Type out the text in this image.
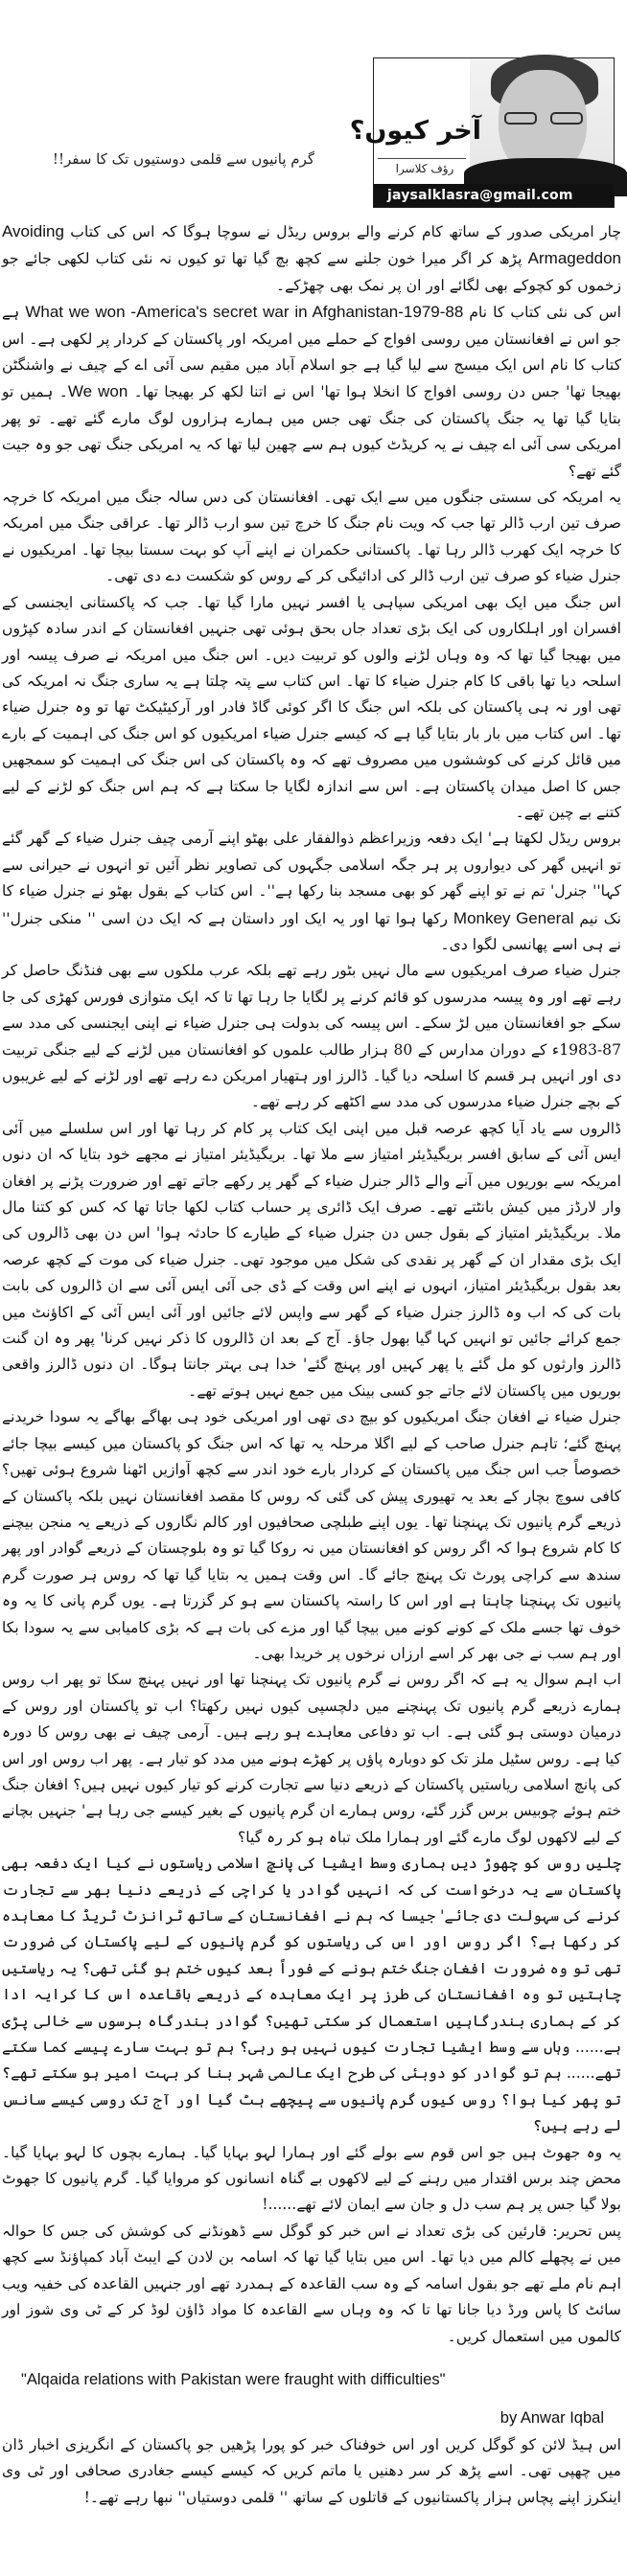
گرم پانیوں سے قلمی دوستیوں تک کا سفر!!
آخر کیوں؟
رؤف کلاسرا
jaysalklasra@gmail.com

چار امریکی صدور کے ساتھ کام کرنے والے بروس ریڈل نے سوچا ہوگا کہ اس کی کتاب Avoiding Armageddon پڑھ کر اگر میرا خون جلنے سے کچھ بچ گیا تھا تو کیوں نہ نئی کتاب لکھی جائے جو زخموں کو کچوکے بھی لگائے اور ان پر نمک بھی چھڑکے۔

اس کی نئی کتاب کا نام What we won -America's secret war in Afghanistan-1979-88 ہے جو اس نے افغانستان میں روسی افواج کے حملے میں امریکہ اور پاکستان کے کردار پر لکھی ہے۔ اس کتاب کا نام اس ایک میسج سے لیا گیا ہے جو اسلام آباد میں مقیم سی آئی اے کے چیف نے واشنگٹن بھیجا تھا' جس دن روسی افواج کا انخلا ہوا تھا' اس نے اتنا لکھ کر بھیجا تھا۔ We won۔ ہمیں تو بتایا گیا تھا یہ جنگ پاکستان کی جنگ تھی جس میں ہمارے ہزاروں لوگ مارے گئے تھے۔ تو پھر امریکی سی آئی اے چیف نے یہ کریڈٹ کیوں ہم سے چھین لیا تھا کہ یہ امریکی جنگ تھی جو وہ جیت گئے تھے؟

یہ امریکہ کی سستی جنگوں میں سے ایک تھی۔ افغانستان کی دس سالہ جنگ میں امریکہ کا خرچہ صرف تین ارب ڈالر تھا جب کہ ویت نام جنگ کا خرچ تین سو ارب ڈالر تھا۔ عراقی جنگ میں امریکہ کا خرچہ ایک کھرب ڈالر رہا تھا۔ پاکستانی حکمران نے اپنے آپ کو بہت سستا بیچا تھا۔ امریکیوں نے جنرل ضیاء کو صرف تین ارب ڈالر کی ادائیگی کر کے روس کو شکست دے دی تھی۔

اس جنگ میں ایک بھی امریکی سپاہی یا افسر نہیں مارا گیا تھا۔ جب کہ پاکستانی ایجنسی کے افسران اور اہلکاروں کی ایک بڑی تعداد جاں بحق ہوئی تھی جنہیں افغانستان کے اندر سادہ کپڑوں میں بھیجا گیا تھا کہ وہ وہاں لڑنے والوں کو تربیت دیں۔ اس جنگ میں امریکہ نے صرف پیسہ اور اسلحہ دیا تھا باقی کا کام جنرل ضیاء کا تھا۔ اس کتاب سے پتہ چلتا ہے یہ ساری جنگ نہ امریکہ کی تھی اور نہ ہی پاکستان کی بلکہ اس جنگ کا اگر کوئی گاڈ فادر اور آرکیٹیکٹ تھا تو وہ جنرل ضیاء تھا۔ اس کتاب میں بار بار بتایا گیا ہے کہ کیسے جنرل ضیاء امریکیوں کو اس جنگ کی اہمیت کے بارے میں قائل کرنے کی کوششوں میں مصروف تھے کہ وہ پاکستان کی اس جنگ کی اہمیت کو سمجھیں جس کا اصل میدان پاکستان ہے۔ اس سے اندازہ لگایا جا سکتا ہے کہ ہم اس جنگ کو لڑنے کے لیے کتنے بے چین تھے۔

بروس ریڈل لکھتا ہے' ایک دفعہ وزیراعظم ذوالفقار علی بھٹو اپنے آرمی چیف جنرل ضیاء کے گھر گئے تو انہیں گھر کی دیواروں پر ہر جگہ اسلامی جگہوں کی تصاویر نظر آئیں تو انہوں نے حیرانی سے کہا'' جنرل' تم نے تو اپنے گھر کو بھی مسجد بنا رکھا ہے''۔ اس کتاب کے بقول بھٹو نے جنرل ضیاء کا نک نیم Monkey General رکھا ہوا تھا اور یہ ایک اور داستان ہے کہ ایک دن اسی '' منکی جنرل'' نے ہی اسے پھانسی لگوا دی۔

جنرل ضیاء صرف امریکیوں سے مال نہیں بٹور رہے تھے بلکہ عرب ملکوں سے بھی فنڈنگ حاصل کر رہے تھے اور وہ پیسہ مدرسوں کو قائم کرنے پر لگایا جا رہا تھا تا کہ ایک متوازی فورس کھڑی کی جا سکے جو افغانستان میں لڑ سکے۔ اس پیسہ کی بدولت ہی جنرل ضیاء نے اپنی ایجنسی کی مدد سے 87-1983ء کے دوران مدارس کے 80 ہزار طالب علموں کو افغانستان میں لڑنے کے لیے جنگی تربیت دی اور انہیں ہر قسم کا اسلحہ دیا گیا۔ ڈالرز اور ہتھیار امریکن دے رہے تھے اور لڑنے کے لیے غریبوں کے بچے جنرل ضیاء مدرسوں کی مدد سے اکٹھے کر رہے تھے۔

ڈالروں سے یاد آیا کچھ عرصہ قبل میں اپنی ایک کتاب پر کام کر رہا تھا اور اس سلسلے میں آئی ایس آئی کے سابق افسر بریگیڈیئر امتیاز سے ملا تھا۔ بریگیڈیئر امتیاز نے مجھے خود بتایا کہ ان دنوں امریکہ سے بوریوں میں آنے والے ڈالر جنرل ضیاء کے گھر پر رکھے جاتے تھے اور ضرورت پڑنے پر افغان وار لارڈز میں کیش بانٹتے تھے۔ صرف ایک ڈائری پر حساب کتاب لکھا جاتا تھا کہ کس کو کتنا مال ملا۔ بریگیڈیئر امتیاز کے بقول جس دن جنرل ضیاء کے طیارے کا حادثہ ہوا' اس دن بھی ڈالروں کی ایک بڑی مقدار ان کے گھر پر نقدی کی شکل میں موجود تھی۔ جنرل ضیاء کی موت کے کچھ عرصہ بعد بقول بریگیڈیئر امتیاز، انہوں نے اپنے اس وقت کے ڈی جی آئی ایس آئی سے ان ڈالروں کی بابت بات کی کہ اب وہ ڈالرز جنرل ضیاء کے گھر سے واپس لائے جائیں اور آئی ایس آئی کے اکاؤنٹ میں جمع کرائے جائیں تو انہیں کہا گیا بھول جاؤ۔ آج کے بعد ان ڈالروں کا ذکر نہیں کرنا' پھر وہ ان گنت ڈالرز وارثوں کو مل گئے یا پھر کہیں اور پہنچ گئے' خدا ہی بہتر جانتا ہوگا۔ ان دنوں ڈالرز واقعی بوریوں میں پاکستان لائے جاتے جو کسی بینک میں جمع نہیں ہوتے تھے۔

جنرل ضیاء نے افغان جنگ امریکیوں کو بیچ دی تھی اور امریکی خود ہی بھاگے بھاگے یہ سودا خریدنے پہنچ گئے؛ تاہم جنرل صاحب کے لیے اگلا مرحلہ یہ تھا کہ اس جنگ کو پاکستان میں کیسے بیچا جائے خصوصاً جب اس جنگ میں پاکستان کے کردار بارے خود اندر سے کچھ آوازیں اٹھنا شروع ہوئی تھیں؟ کافی سوچ بچار کے بعد یہ تھیوری پیش کی گئی کہ روس کا مقصد افغانستان نہیں بلکہ پاکستان کے ذریعے گرم پانیوں تک پہنچنا تھا۔ یوں اپنے طبلچی صحافیوں اور کالم نگاروں کے ذریعے یہ منجن بیچنے کا کام شروع ہوا کہ اگر روس کو افغانستان میں نہ روکا گیا تو وہ بلوچستان کے ذریعے گوادر اور پھر سندھ سے کراچی پورٹ تک پہنچ جائے گا۔ اس وقت ہمیں یہ بتایا گیا تھا کہ روس ہر صورت گرم پانیوں تک پہنچنا چاہتا ہے اور اس کا راستہ پاکستان سے ہو کر گزرتا ہے۔ یوں گرم پانی کا یہ وہ خوف تھا جسے ملک کے کونے کونے میں بیچا گیا اور مزے کی بات ہے کہ بڑی کامیابی سے یہ سودا بکا اور ہم سب نے جی بھر کر اسے ارزاں نرخوں پر خریدا بھی۔

اب اہم سوال یہ ہے کہ اگر روس نے گرم پانیوں تک پہنچنا تھا اور نہیں پہنچ سکا تو پھر اب روس ہمارے ذریعے گرم پانیوں تک پہنچنے میں دلچسپی کیوں نہیں رکھتا؟ اب تو پاکستان اور روس کے درمیان دوستی ہو گئی ہے۔ اب تو دفاعی معاہدے ہو رہے ہیں۔ آرمی چیف نے بھی روس کا دورہ کیا ہے۔ روس سٹیل ملز تک کو دوبارہ پاؤں پر کھڑے ہونے میں مدد کو تیار ہے۔ پھر اب روس اور اس کی پانچ اسلامی ریاستیں پاکستان کے ذریعے دنیا سے تجارت کرنے کو تیار کیوں نہیں ہیں؟ افغان جنگ ختم ہوئے چوبیس برس گزر گئے، روس ہمارے ان گرم پانیوں کے بغیر کیسے جی رہا ہے' جنہیں بچانے کے لیے لاکھوں لوگ مارے گئے اور ہمارا ملک تباہ ہو کر رہ گیا؟

چلیں روس کو چھوڑ دیں ہماری وسط ایشیا کی پانچ اسلامی ریاستوں نے کیا ایک دفعہ بھی پاکستان سے یہ درخواست کی کہ انہیں گوادر یا کراچی کے ذریعے دنیا بھر سے تجارت کرنے کی سہولت دی جائے' جیسا کہ ہم نے افغانستان کے ساتھ ٹرانزٹ ٹریڈ کا معاہدہ کر رکھا ہے؟ اگر روس اور اس کی ریاستوں کو گرم پانیوں کے لیے پاکستان کی ضرورت تھی تو وہ ضرورت افغان جنگ ختم ہونے کے فوراً بعد کیوں ختم ہو گئی تھی؟ یہ ریاستیں چاہتیں تو وہ افغانستان کی طرز پر ایک معاہدہ کے ذریعے باقاعدہ اس کا کرایہ ادا کر کے ہماری بندرگاہیں استعمال کر سکتی تھیں؟ گوادر بندرگاہ برسوں سے خالی پڑی ہے...... وہاں سے وسط ایشیا تجارت کیوں نہیں ہو رہی؟ ہم تو بہت سارے پیسے کما سکتے تھے...... ہم تو گوادر کو دوبئی کی طرح ایک عالمی شہر بنا کر بہت امیر ہو سکتے تھے؟ تو پھر کیا ہوا؟ روس کیوں گرم پانیوں سے پیچھے ہٹ گیا اور آج تک روسی کیسے سانس لے رہے ہیں؟

یہ وہ جھوٹ ہیں جو اس قوم سے بولے گئے اور ہمارا لہو بہایا گیا۔ ہمارے بچوں کا لہو بہایا گیا۔ محض چند برس اقتدار میں رہنے کے لیے لاکھوں بے گناہ انسانوں کو مروایا گیا۔ گرم پانیوں کا جھوٹ بولا گیا جس پر ہم سب دل و جان سے ایمان لائے تھے......!

پس تحریر: قارئین کی بڑی تعداد نے اس خبر کو گوگل سے ڈھونڈنے کی کوشش کی جس کا حوالہ میں نے پچھلے کالم میں دیا تھا۔ اس میں بتایا گیا تھا کہ اسامہ بن لادن کے ایبٹ آباد کمپاؤنڈ سے کچھ اہم نام ملے تھے جو بقول اسامہ کے وہ سب القاعدہ کے ہمدرد تھے اور جنہیں القاعدہ کی خفیہ ویب سائٹ کا پاس ورڈ دیا جانا تھا تا کہ وہ وہاں سے القاعدہ کا مواد ڈاؤن لوڈ کر کے ٹی وی شوز اور کالموں میں استعمال کریں۔

"Alqaida relations with Pakistan were fraught with difficulties"
by Anwar Iqbal

اس ہیڈ لائن کو گوگل کریں اور اس خوفناک خبر کو پورا پڑھیں جو پاکستان کے انگریزی اخبار ڈان میں چھپی تھی۔ اسے پڑھ کر سر دھنیں یا ماتم کریں کہ کیسے کیسے جغادری صحافی اور ٹی وی اینکرز اپنے پچاس ہزار پاکستانیوں کے قاتلوں کے ساتھ '' قلمی دوستیاں'' نبھا رہے تھے۔!
